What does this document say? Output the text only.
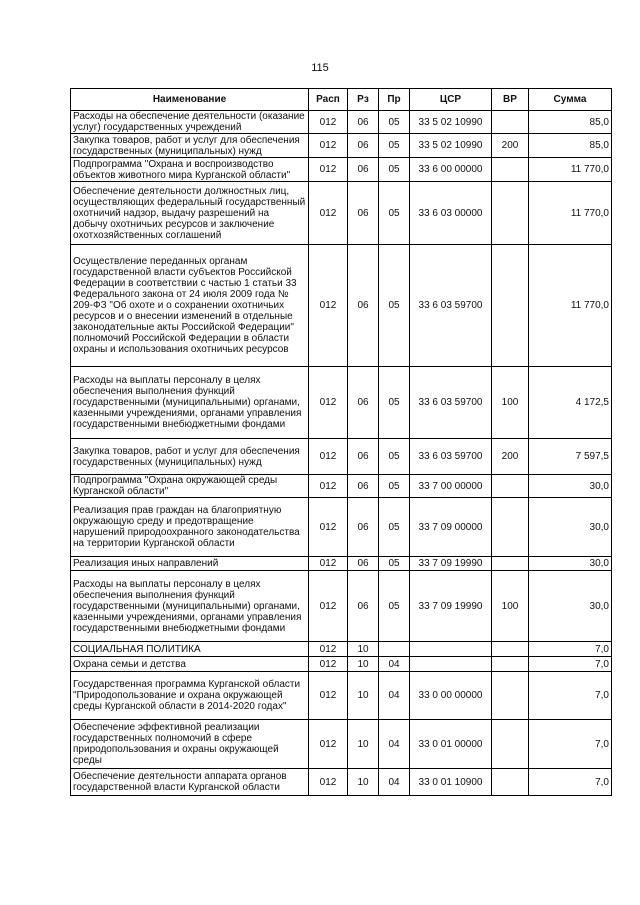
115
Наименование	Расп	Рз	Пр	ЦСР	ВР	Сумма
Расходы на обеспечение деятельности (оказание услуг) государственных учреждений	012	06	05	33 5 02 10990		85,0
Закупка товаров, работ и услуг для обеспечения государственных (муниципальных) нужд	012	06	05	33 5 02 10990	200	85,0
Подпрограмма "Охрана и воспроизводство объектов животного мира Курганской области"	012	06	05	33 6 00 00000		11 770,0
Обеспечение деятельности должностных лиц, осуществляющих федеральный государственный охотничий надзор, выдачу разрешений на добычу охотничьих ресурсов и заключение охотхозяйственных соглашений	012	06	05	33 6 03 00000		11 770,0
Осуществление переданных органам государственной власти субъектов Российской Федерации в соответствии с частью 1 статьи 33 Федерального закона от 24 июля 2009 года № 209-ФЗ "Об охоте и о сохранении охотничьих ресурсов и о внесении изменений в отдельные законодательные акты Российской Федерации" полномочий Российской Федерации в области охраны и использования охотничьих ресурсов	012	06	05	33 6 03 59700		11 770,0
Расходы на выплаты персоналу в целях обеспечения выполнения функций государственными (муниципальными) органами, казенными учреждениями, органами управления государственными внебюджетными фондами	012	06	05	33 6 03 59700	100	4 172,5
Закупка товаров, работ и услуг для обеспечения государственных (муниципальных) нужд	012	06	05	33 6 03 59700	200	7 597,5
Подпрограмма "Охрана окружающей среды Курганской области"	012	06	05	33 7 00 00000		30,0
Реализация прав граждан на благоприятную окружающую среду и предотвращение нарушений природоохранного законодательства на территории Курганской области	012	06	05	33 7 09 00000		30,0
Реализация иных направлений	012	06	05	33 7 09 19990		30,0
Расходы на выплаты персоналу в целях обеспечения выполнения функций государственными (муниципальными) органами, казенными учреждениями, органами управления государственными внебюджетными фондами	012	06	05	33 7 09 19990	100	30,0
СОЦИАЛЬНАЯ ПОЛИТИКА	012	10				7,0
Охрана семьи и детства	012	10	04			7,0
Государственная программа Курганской области "Природопользование и охрана окружающей среды Курганской области в 2014-2020 годах"	012	10	04	33 0 00 00000		7,0
Обеспечение эффективной реализации государственных полномочий в сфере природопользования и охраны окружающей среды	012	10	04	33 0 01 00000		7,0
Обеспечение деятельности аппарата органов государственной власти Курганской области	012	10	04	33 0 01 10900		7,0
